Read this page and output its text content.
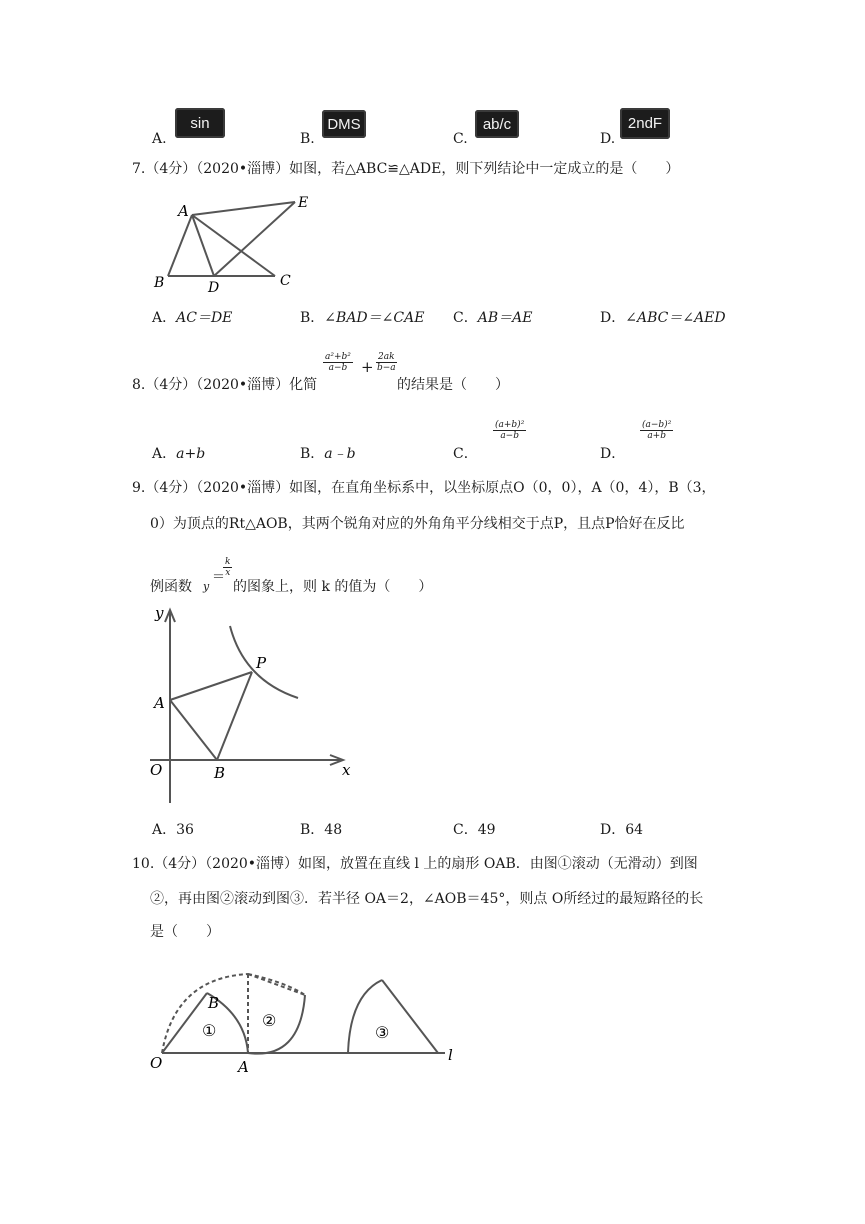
A.
sin
B.
DMS
C.
ab/c
D.
2ndF
7.（4分）（2020•淄博）如图，若△ABC≌△ADE，则下列结论中一定成立的是（　　）
A	E
B	D	C
A．AC＝DE	B．∠BAD＝∠CAE C．AB＝AE	D．∠ABC＝∠AED
8.（4分）（2020•淄博）化简
$\frac{\text{a²+b²}}{a-b} + \frac{2ak}{b-a}$
的结果是（　　）
A．a+b	B．a﹣b	C．
$\frac{\text{(a+b)²}}{a-b}$
D．
$\frac{\text{(a−b)²}}{a+b}$
9.（4分）（2020•淄博）如图，在直角坐标系中，以坐标原点O（0，0），A（0，4），B（3，
0）为顶点的Rt△AOB，其两个锐角对应的外角角平分线相交于点P，且点P恰好在反比
例函数 y
＝
$\frac{k}{x}$
的图象上，则 k 的值为（　　）
y
x
O
A
B
P
A．36	B．48	C．49	D．64
10.（4分）（2020•淄博）如图，放置在直线 l 上的扇形 OAB．由图①滚动（无滑动）到图
②，再由图②滚动到图③．若半径 OA＝2，∠AOB＝45°，则点 O所经过的最短路径的长
是（　　）
B
O	A
l
①
②
③
